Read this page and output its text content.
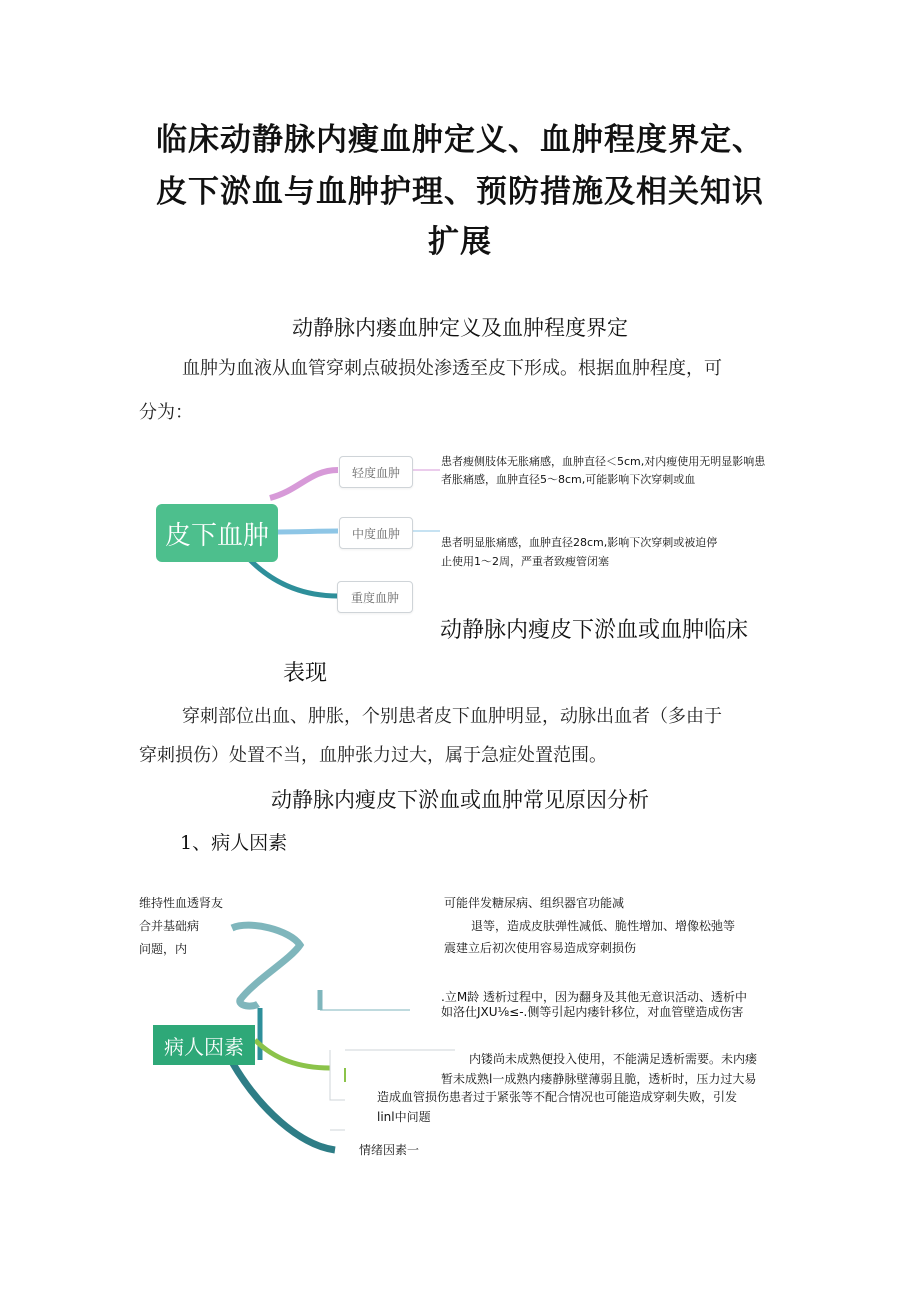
临床动静脉内瘦血肿定义、血肿程度界定、
皮下淤血与血肿护理、预防措施及相关知识
扩展
动静脉内瘘血肿定义及血肿程度界定
血肿为血液从血管穿刺点破损处渗透至皮下形成。根据血肿程度，可
分为：
皮下血肿
轻度血肿
中度血肿
重度血肿
患者瘦侧肢体无胀痛感，血肿直径＜5cm,对内瘦使用无明显影响患
者胀痛感，血肿直径5～8cm,可能影响下次穿刺或血
患者明显胀痛感，血肿直径28cm,影响下次穿刺或被迫停
止使用1～2周，严重者致瘦管闭塞
动静脉内瘦皮下淤血或血肿临床
表现
穿刺部位出血、肿胀，个别患者皮下血肿明显，动脉出血者（多由于
穿刺损伤）处置不当，血肿张力过大，属于急症处置范围。
动静脉内瘦皮下淤血或血肿常见原因分析
1、病人因素
病人因素
维持性血透肾友
合并基础病
问题，内
可能伴发糖尿病、组织器官功能减
退等，造成皮肤弹性减低、脆性增加、增像松弛等
震建立后初次使用容易造成穿刺损伤
.立M龄 透析过程中，因为翻身及其他无意识活动、透析中
如洛仕JXU⅛≤-.侧等引起内瘘针移位，对血管壁造成伤害
内镂尚未成熟便投入使用，不能满足透析需要。未内瘘
暂未成熟l一成熟内瘘静脉壁薄弱且脆，透析时，压力过大易
造成血管损伤患者过于紧张等不配合情况也可能造成穿刺失败，引发
linl中问题
情绪因素一
